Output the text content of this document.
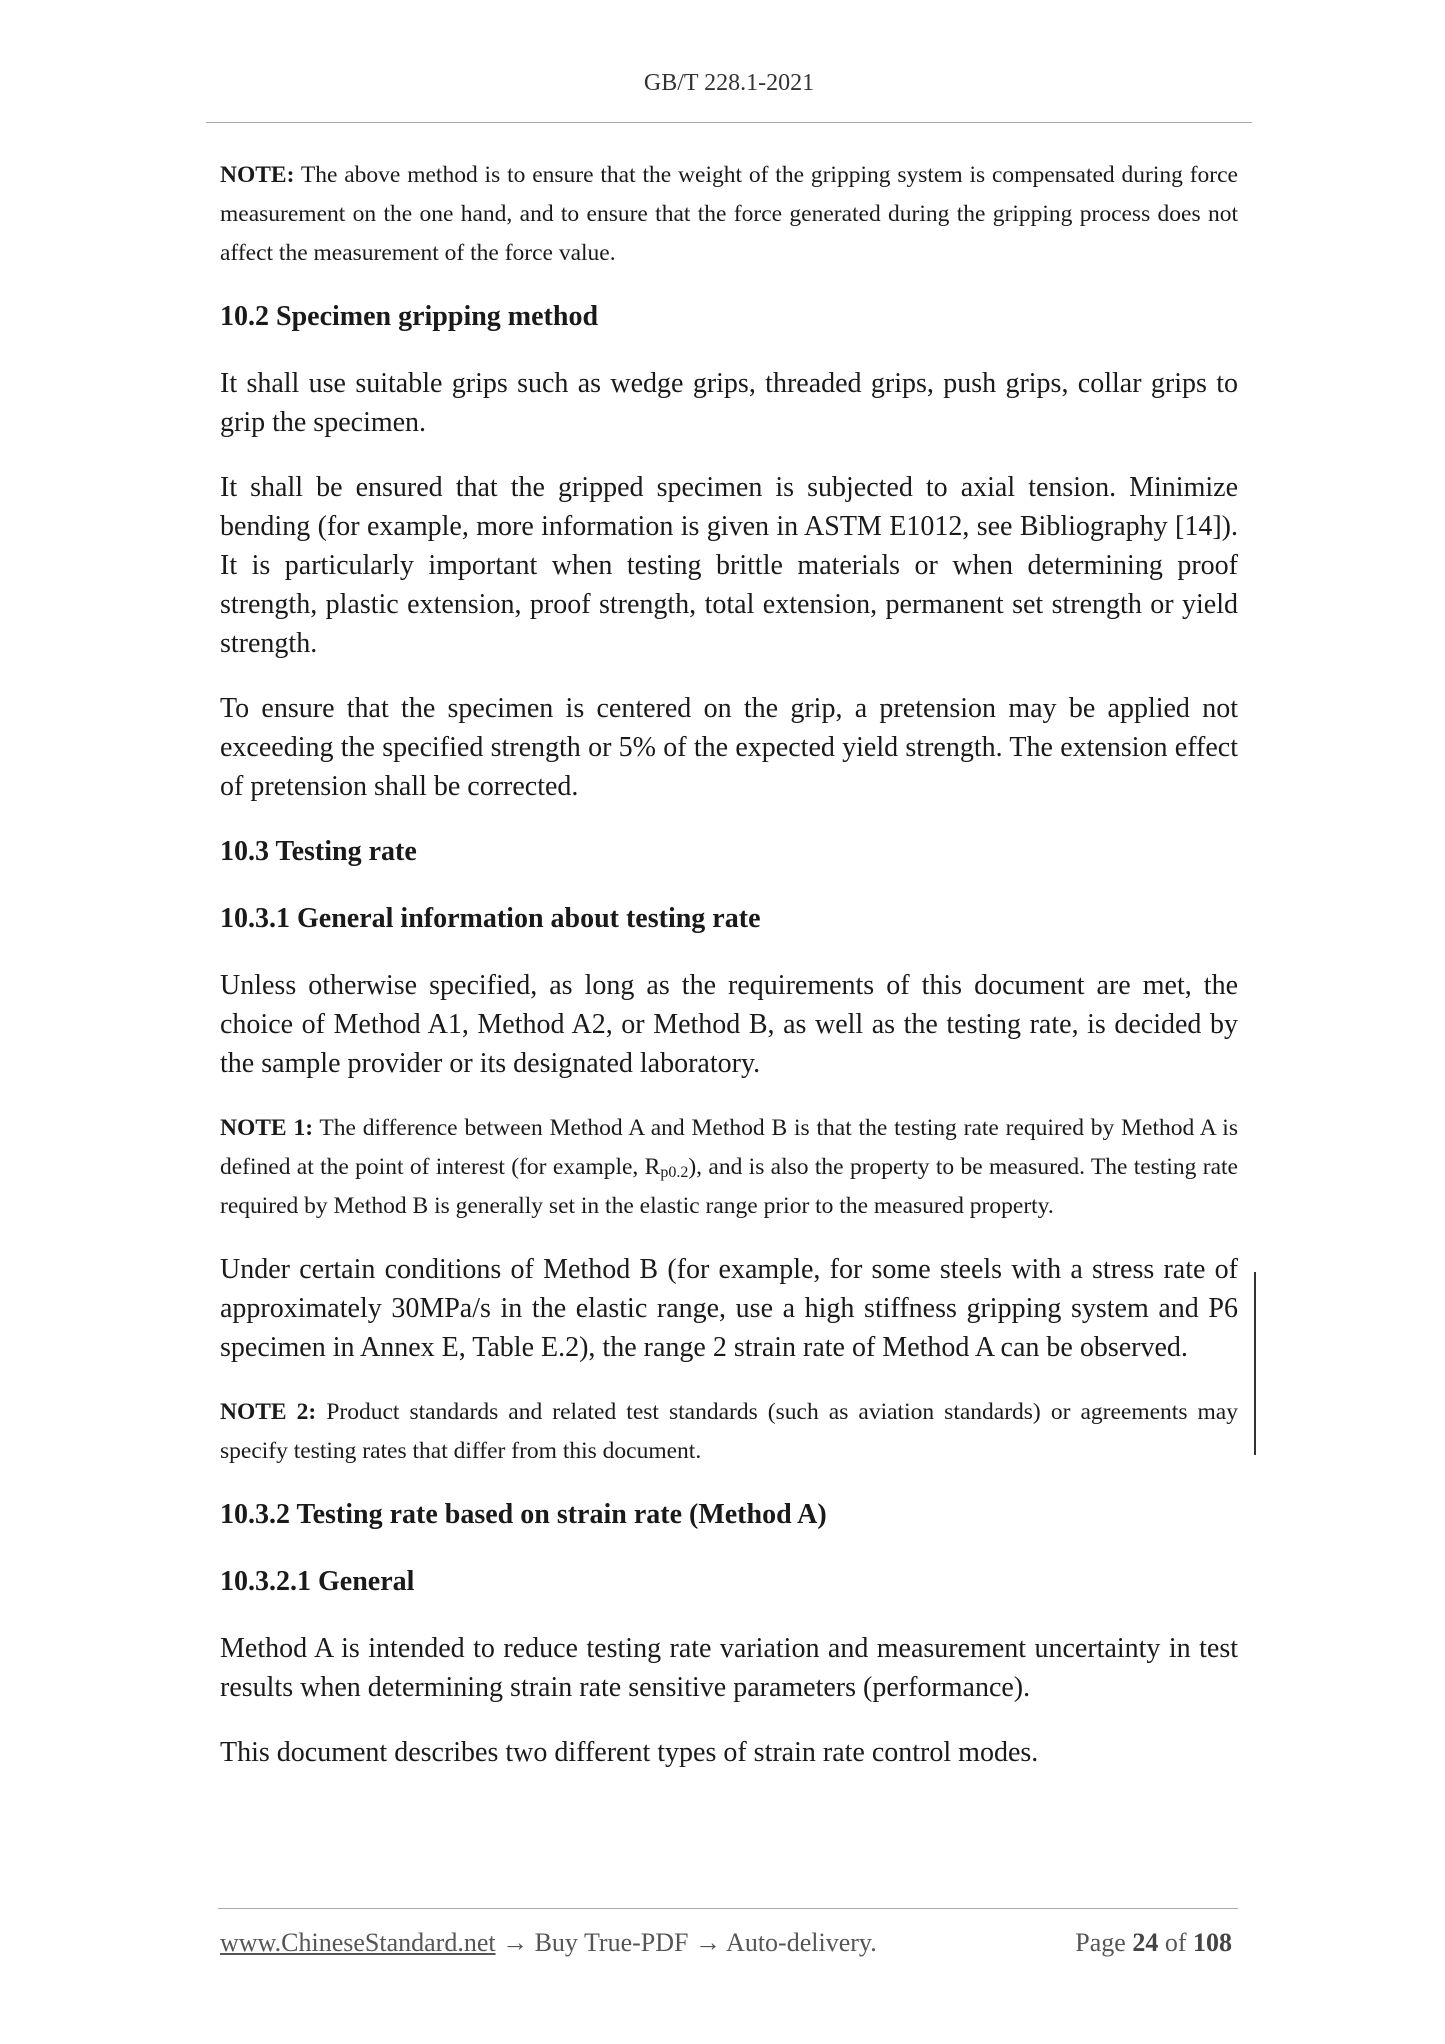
GB/T 228.1-2021

NOTE: The above method is to ensure that the weight of the gripping system is compensated during force measurement on the one hand, and to ensure that the force generated during the gripping process does not affect the measurement of the force value.

10.2 Specimen gripping method

It shall use suitable grips such as wedge grips, threaded grips, push grips, collar grips to grip the specimen.

It shall be ensured that the gripped specimen is subjected to axial tension. Minimize bending (for example, more information is given in ASTM E1012, see Bibliography [14]). It is particularly important when testing brittle materials or when determining proof strength, plastic extension, proof strength, total extension, permanent set strength or yield strength.

To ensure that the specimen is centered on the grip, a pretension may be applied not exceeding the specified strength or 5% of the expected yield strength. The extension effect of pretension shall be corrected.

10.3 Testing rate

10.3.1 General information about testing rate

Unless otherwise specified, as long as the requirements of this document are met, the choice of Method A1, Method A2, or Method B, as well as the testing rate, is decided by the sample provider or its designated laboratory.

NOTE 1: The difference between Method A and Method B is that the testing rate required by Method A is defined at the point of interest (for example, $R_{p0.2}$), and is also the property to be measured. The testing rate required by Method B is generally set in the elastic range prior to the measured property.

Under certain conditions of Method B (for example, for some steels with a stress rate of approximately 30MPa/s in the elastic range, use a high stiffness gripping system and P6 specimen in Annex E, Table E.2), the range 2 strain rate of Method A can be observed.

NOTE 2: Product standards and related test standards (such as aviation standards) or agreements may specify testing rates that differ from this document.

10.3.2 Testing rate based on strain rate (Method A)

10.3.2.1 General

Method A is intended to reduce testing rate variation and measurement uncertainty in test results when determining strain rate sensitive parameters (performance).

This document describes two different types of strain rate control modes.

www.ChineseStandard.net → Buy True-PDF → Auto-delivery.	Page 24 of 108
